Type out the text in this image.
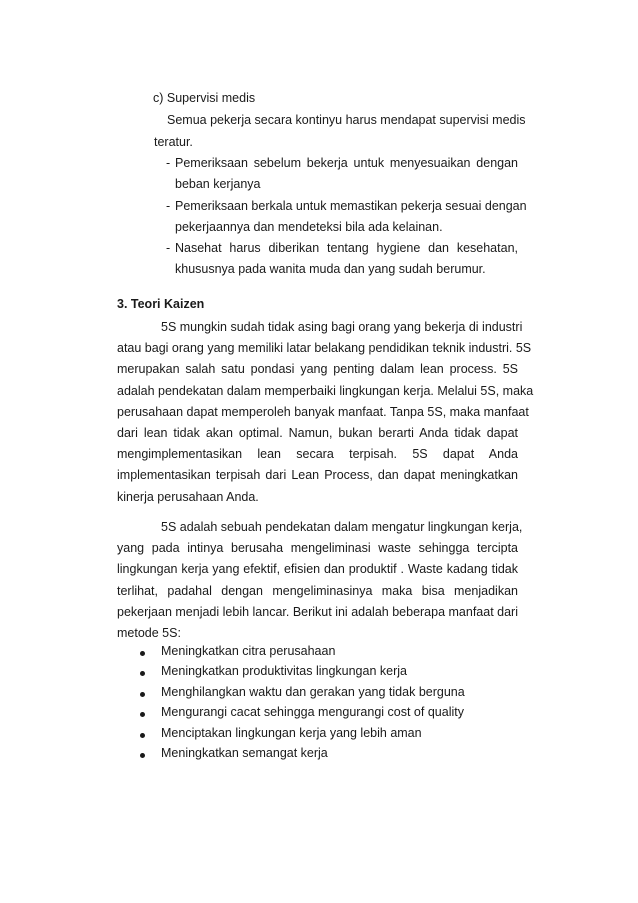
c) Supervisi medis
Semua pekerja secara kontinyu harus mendapat supervisi medis
teratur.
- Pemeriksaan sebelum bekerja untuk menyesuaikan dengan
beban kerjanya
- Pemeriksaan berkala untuk memastikan pekerja sesuai dengan
pekerjaannya dan mendeteksi bila ada kelainan.
- Nasehat harus diberikan tentang hygiene dan kesehatan,
khususnya pada wanita muda dan yang sudah berumur.
3. Teori Kaizen
5S mungkin sudah tidak asing bagi orang yang bekerja di industri
atau bagi orang yang memiliki latar belakang pendidikan teknik industri. 5S
merupakan salah satu pondasi yang penting dalam lean process. 5S
adalah pendekatan dalam memperbaiki lingkungan kerja. Melalui 5S, maka
perusahaan dapat memperoleh banyak manfaat. Tanpa 5S, maka manfaat
dari lean tidak akan optimal. Namun, bukan berarti Anda tidak dapat
mengimplementasikan lean secara terpisah. 5S dapat Anda
implementasikan terpisah dari Lean Process, dan dapat meningkatkan
kinerja perusahaan Anda.
5S adalah sebuah pendekatan dalam mengatur lingkungan kerja,
yang pada intinya berusaha mengeliminasi waste sehingga tercipta
lingkungan kerja yang efektif, efisien dan produktif . Waste kadang tidak
terlihat, padahal dengan mengeliminasinya maka bisa menjadikan
pekerjaan menjadi lebih lancar. Berikut ini adalah beberapa manfaat dari
metode 5S:
Meningkatkan citra perusahaan
Meningkatkan produktivitas lingkungan kerja
Menghilangkan waktu dan gerakan yang tidak berguna
Mengurangi cacat sehingga mengurangi cost of quality
Menciptakan lingkungan kerja yang lebih aman
Meningkatkan semangat kerja
